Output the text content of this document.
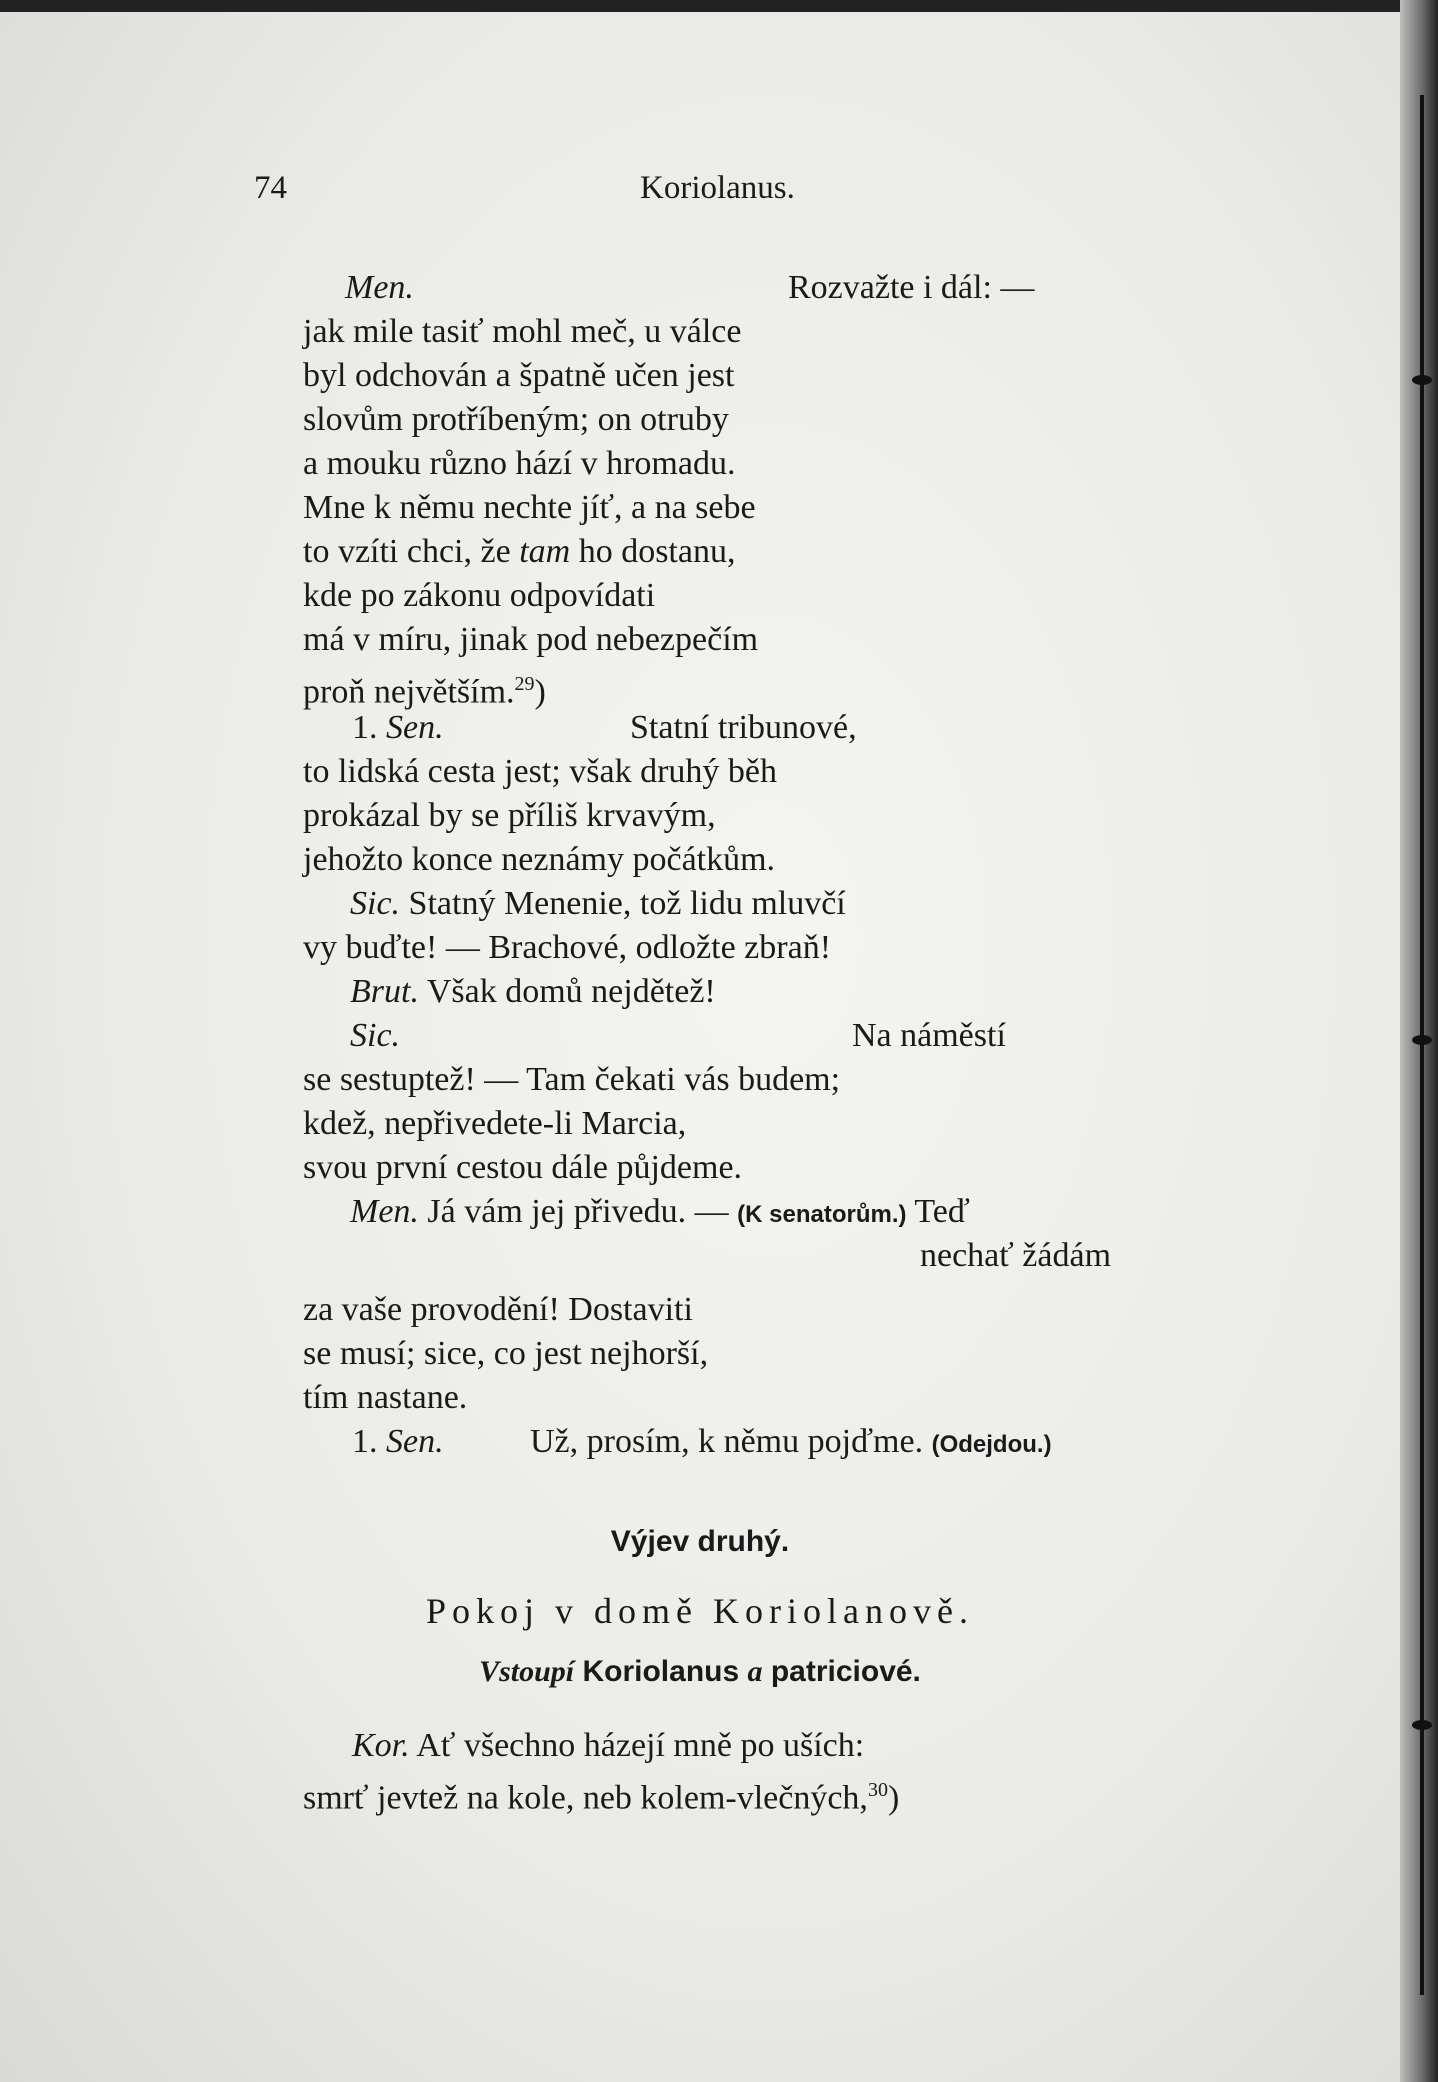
74	Koriolanus.
Men.	Rozvažte i dál: —
jak mile tasiť mohl meč, u válce
byl odchován a špatně učen jest
slovům protříbeným; on otruby
a mouku různo hází v hromadu.
Mne k němu nechte jíť, a na sebe
to vzíti chci, že tam ho dostanu,
kde po zákonu odpovídati
má v míru, jinak pod nebezpečím
proň největším.$^{29}$)
1. Sen.	Statní tribunové,
to lidská cesta jest; však druhý běh
prokázal by se příliš krvavým,
jehožto konce neznámy počátkům.
Sic. Statný Menenie, tož lidu mluvčí
vy buďte! — Brachové, odložte zbraň!
Brut. Však domů nejdětež!
Sic.	Na náměstí
se sestuptež! — Tam čekati vás budem;
kdež, nepřivedete-li Marcia,
svou první cestou dále půjdeme.
Men. Já vám jej přivedu. — (K senatorům.) Teď
nechať žádám
za vaše provodění! Dostaviti
se musí; sice, co jest nejhorší,
tím nastane.
1. Sen.	Už, prosím, k němu pojďme. (Odejdou.)
Výjev druhý.
Pokoj v domě Koriolanově.
Vstoupí Koriolanus a patriciové.
Kor. Ať všechno házejí mně po uších:
smrť jevtež na kole, neb kolem-vlečných,$^{30}$)
